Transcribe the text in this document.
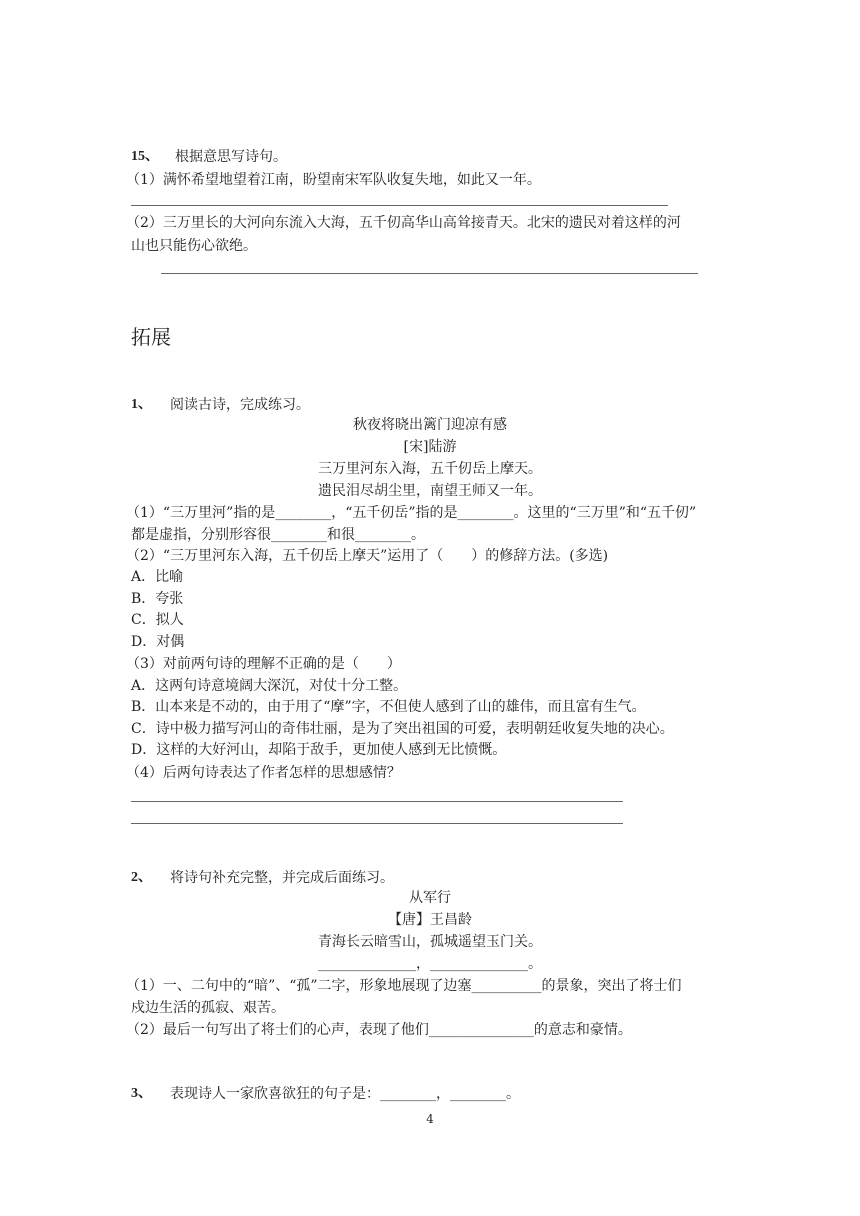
15、 根据意思写诗句。
（1）满怀希望地望着江南，盼望南宋军队收复失地，如此又一年。
（2）三万里长的大河向东流入大海，五千仞高华山高耸接青天。北宋的遗民对着这样的河
山也只能伤心欲绝。
拓展
1、 阅读古诗，完成练习。
秋夜将晓出篱门迎凉有感
[宋]陆游
三万里河东入海，五千仞岳上摩天。
遗民泪尽胡尘里，南望王师又一年。
（1）“三万里河”指的是________，“五千仞岳”指的是________。这里的“三万里”和“五千仞”
都是虚指，分别形容很________和很________。
（2）“三万里河东入海，五千仞岳上摩天”运用了（　　）的修辞方法。(多选)
A．比喻
B．夸张
C．拟人
D．对偶
（3）对前两句诗的理解不正确的是（　　）
A．这两句诗意境阔大深沉，对仗十分工整。
B．山本来是不动的，由于用了“摩”字，不但使人感到了山的雄伟，而且富有生气。
C．诗中极力描写河山的奇伟壮丽，是为了突出祖国的可爱，表明朝廷收复失地的决心。
D．这样的大好河山，却陷于敌手，更加使人感到无比愤慨。
（4）后两句诗表达了作者怎样的思想感情？
2、 将诗句补充完整，并完成后面练习。
从军行
【唐】王昌龄
青海长云暗雪山，孤城遥望玉门关。
______________，______________。
（1）一、二句中的“暗”、“孤”二字，形象地展现了边塞__________的景象，突出了将士们
戍边生活的孤寂、艰苦。
（2）最后一句写出了将士们的心声，表现了他们_______________的意志和豪情。
3、 表现诗人一家欣喜欲狂的句子是：________，________。
4
